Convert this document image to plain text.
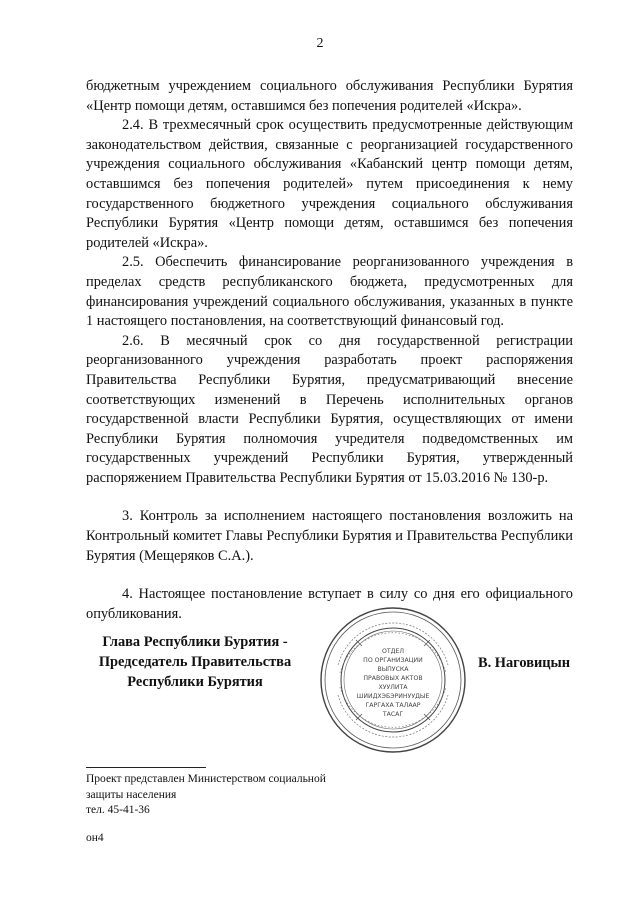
2

бюджетным учреждением социального обслуживания Республики Бурятия «Центр помощи детям, оставшимся без попечения родителей «Искра».

2.4. В трехмесячный срок осуществить предусмотренные действующим законодательством действия, связанные с реорганизацией государственного учреждения социального обслуживания «Кабанский центр помощи детям, оставшимся без попечения родителей» путем присоединения к нему государственного бюджетного учреждения социального обслуживания Республики Бурятия «Центр помощи детям, оставшимся без попечения родителей «Искра».

2.5. Обеспечить финансирование реорганизованного учреждения в пределах средств республиканского бюджета, предусмотренных для финансирования учреждений социального обслуживания, указанных в пункте 1 настоящего постановления, на соответствующий финансовый год.

2.6. В месячный срок со дня государственной регистрации реорганизованного учреждения разработать проект распоряжения Правительства Республики Бурятия, предусматривающий внесение соответствующих изменений в Перечень исполнительных органов государственной власти Республики Бурятия, осуществляющих от имени Республики Бурятия полномочия учредителя подведомственных им государственных учреждений Республики Бурятия, утвержденный распоряжением Правительства Республики Бурятия от 15.03.2016 № 130-р.

3. Контроль за исполнением настоящего постановления возложить на Контрольный комитет Главы Республики Бурятия и Правительства Республики Бурятия (Мещеряков С.А.).

4. Настоящее постановление вступает в силу со дня его официального опубликования.

Глава Республики Бурятия -
Председатель Правительства
Республики Бурятия
ОТДЕЛ
ПО ОРГАНИЗАЦИИ
ВЫПУСКА
ПРАВОВЫХ АКТОВ
ХУУЛИТА
ШИИДХЭБЭРИНУУДЫЕ
ГАРГАХА ТАЛААР
ТАСАГ
В. Наговицын
Проект представлен Министерством социальной
защиты населения
тел. 45-41-36
он4
